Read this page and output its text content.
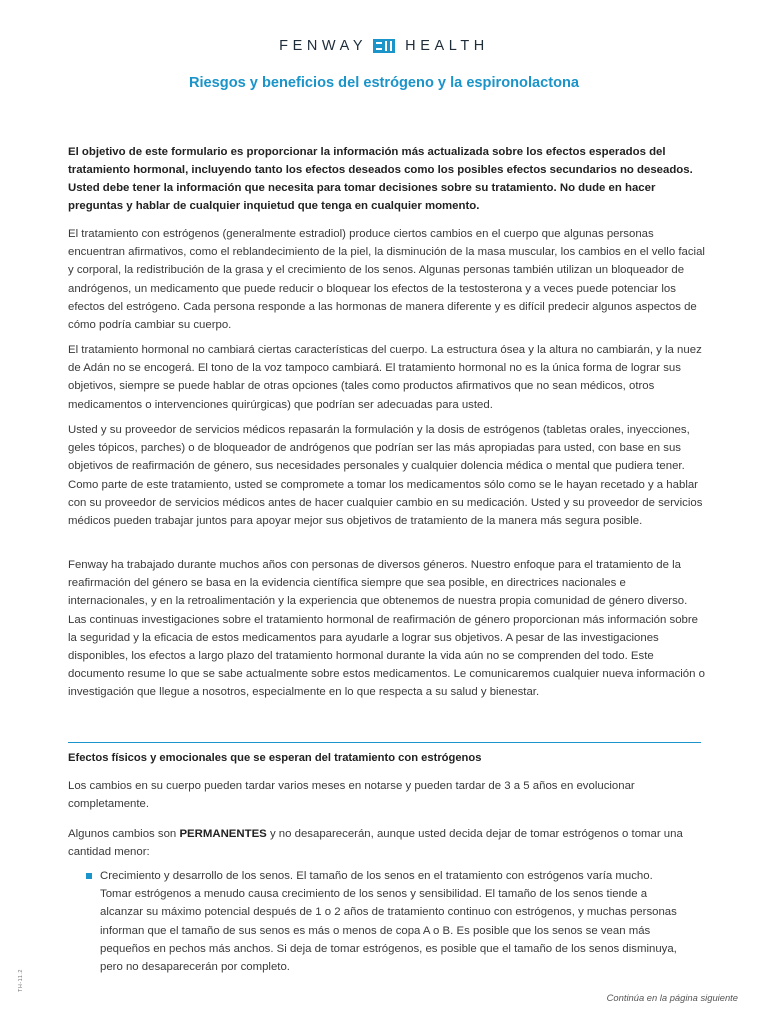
FENWAY	HEALTH
Riesgos y beneficios del estrógeno y la espironolactona

El objetivo de este formulario es proporcionar la información más actualizada sobre los efectos esperados del tratamiento hormonal, incluyendo tanto los efectos deseados como los posibles efectos secundarios no deseados. Usted debe tener la información que necesita para tomar decisiones sobre su tratamiento. No dude en hacer preguntas y hablar de cualquier inquietud que tenga en cualquier momento.

El tratamiento con estrógenos (generalmente estradiol) produce ciertos cambios en el cuerpo que algunas personas encuentran afirmativos, como el reblandecimiento de la piel, la disminución de la masa muscular, los cambios en el vello facial y corporal, la redistribución de la grasa y el crecimiento de los senos. Algunas personas también utilizan un bloqueador de andrógenos, un medicamento que puede reducir o bloquear los efectos de la testosterona y a veces puede potenciar los efectos del estrógeno. Cada persona responde a las hormonas de manera diferente y es difícil predecir algunos aspectos de cómo podría cambiar su cuerpo.

El tratamiento hormonal no cambiará ciertas características del cuerpo. La estructura ósea y la altura no cambiarán, y la nuez de Adán no se encogerá. El tono de la voz tampoco cambiará. El tratamiento hormonal no es la única forma de lograr sus objetivos, siempre se puede hablar de otras opciones (tales como productos afirmativos que no sean médicos, otros medicamentos o intervenciones quirúrgicas) que podrían ser adecuadas para usted.

Usted y su proveedor de servicios médicos repasarán la formulación y la dosis de estrógenos (tabletas orales, inyecciones, geles tópicos, parches) o de bloqueador de andrógenos que podrían ser las más apropiadas para usted, con base en sus objetivos de reafirmación de género, sus necesidades personales y cualquier dolencia médica o mental que pudiera tener. Como parte de este tratamiento, usted se compromete a tomar los medicamentos sólo como se le hayan recetado y a hablar con su proveedor de servicios médicos antes de hacer cualquier cambio en su medicación. Usted y su proveedor de servicios médicos pueden trabajar juntos para apoyar mejor sus objetivos de tratamiento de la manera más segura posible.

Fenway ha trabajado durante muchos años con personas de diversos géneros. Nuestro enfoque para el tratamiento de la reafirmación del género se basa en la evidencia científica siempre que sea posible, en directrices nacionales e internacionales, y en la retroalimentación y la experiencia que obtenemos de nuestra propia comunidad de género diverso. Las continuas investigaciones sobre el tratamiento hormonal de reafirmación de género proporcionan más información sobre la seguridad y la eficacia de estos medicamentos para ayudarle a lograr sus objetivos. A pesar de las investigaciones disponibles, los efectos a largo plazo del tratamiento hormonal durante la vida aún no se comprenden del todo. Este documento resume lo que se sabe actualmente sobre estos medicamentos. Le comunicaremos cualquier nueva información o investigación que llegue a nosotros, especialmente en lo que respecta a su salud y bienestar.

Efectos físicos y emocionales que se esperan del tratamiento con estrógenos

Los cambios en su cuerpo pueden tardar varios meses en notarse y pueden tardar de 3 a 5 años en evolucionar completamente.

Algunos cambios son PERMANENTES y no desaparecerán, aunque usted decida dejar de tomar estrógenos o tomar una cantidad menor:

Crecimiento y desarrollo de los senos. El tamaño de los senos en el tratamiento con estrógenos varía mucho. Tomar estrógenos a menudo causa crecimiento de los senos y sensibilidad. El tamaño de los senos tiende a alcanzar su máximo potencial después de 1 o 2 años de tratamiento continuo con estrógenos, y muchas personas informan que el tamaño de sus senos es más o menos de copa A o B. Es posible que los senos se vean más pequeños en pechos más anchos. Si deja de tomar estrógenos, es posible que el tamaño de los senos disminuya, pero no desaparecerán por completo.
Continúa en la página siguiente
TH-11.2
